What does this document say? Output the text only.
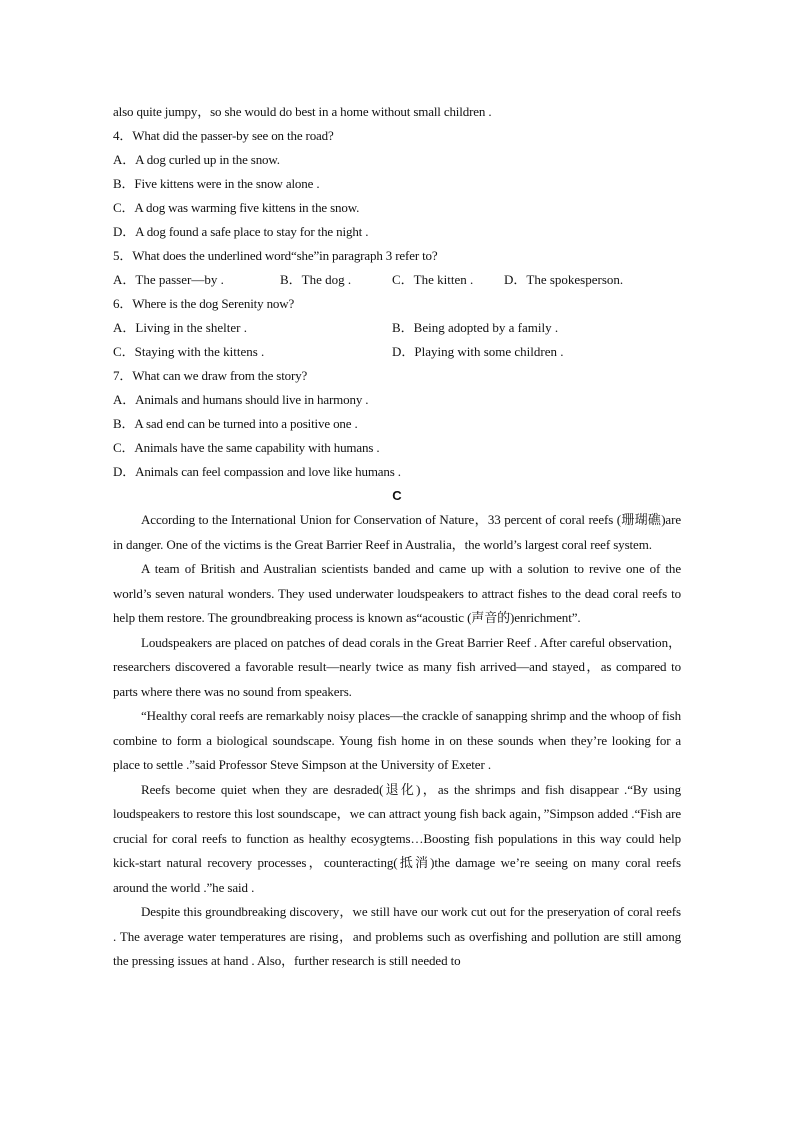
also quite jumpy，so she would do best in a home without small children .
4．What did the passer-by see on the road?
A．A dog curled up in the snow.
B．Five kittens were in the snow alone .
C．A dog was warming five kittens in the snow.
D．A dog found a safe place to stay for the night .
5．What does the underlined word“she”in paragraph 3 refer to?
A．The passer—by .	B．The dog .	C．The kitten .	D．The spokesperson.
6．Where is the dog Serenity now?
A．Living in the shelter .	B．Being adopted by a family .
C．Staying with the kittens .	D．Playing with some children .
7．What can we draw from the story?
A．Animals and humans should live in harmony .
B．A sad end can be turned into a positive one .
C．Animals have the same capability with humans .
D．Animals can feel compassion and love like humans .
C

According to the International Union for Conservation of Nature，33 percent of coral reefs (珊瑚礁)are in danger. One of the victims is the Great Barrier Reef in Australia，the world’s largest coral reef system.

A team of British and Australian scientists banded and came up with a solution to revive one of the world’s seven natural wonders. They used underwater loudspeakers to attract fishes to the dead coral reefs to help them restore. The groundbreaking process is known as“acoustic (声音的)enrichment”.

Loudspeakers are placed on patches of dead corals in the Great Barrier Reef . After careful observation，researchers discovered a favorable result—nearly twice as many fish arrived—and stayed，as compared to parts where there was no sound from speakers.

“Healthy coral reefs are remarkably noisy places—the crackle of sanapping shrimp and the whoop of fish combine to form a biological soundscape. Young fish home in on these sounds when they’re looking for a place to settle .”said Professor Steve Simpson at the University of Exeter .

Reefs become quiet when they are desraded(退化)，as the shrimps and fish disappear .“By using loudspeakers to restore this lost soundscape，we can attract young fish back again，”Simpson added .“Fish are crucial for coral reefs to function as healthy ecosygtems…Boosting fish populations in this way could help kick-start natural recovery processes，counteracting(抵消)the damage we’re seeing on many coral reefs around the world .”he said .

Despite this groundbreaking discovery，we still have our work cut out for the preseryation of coral reefs . The average water temperatures are rising，and problems such as overfishing and pollution are still among the pressing issues at hand . Also，further research is still needed to
